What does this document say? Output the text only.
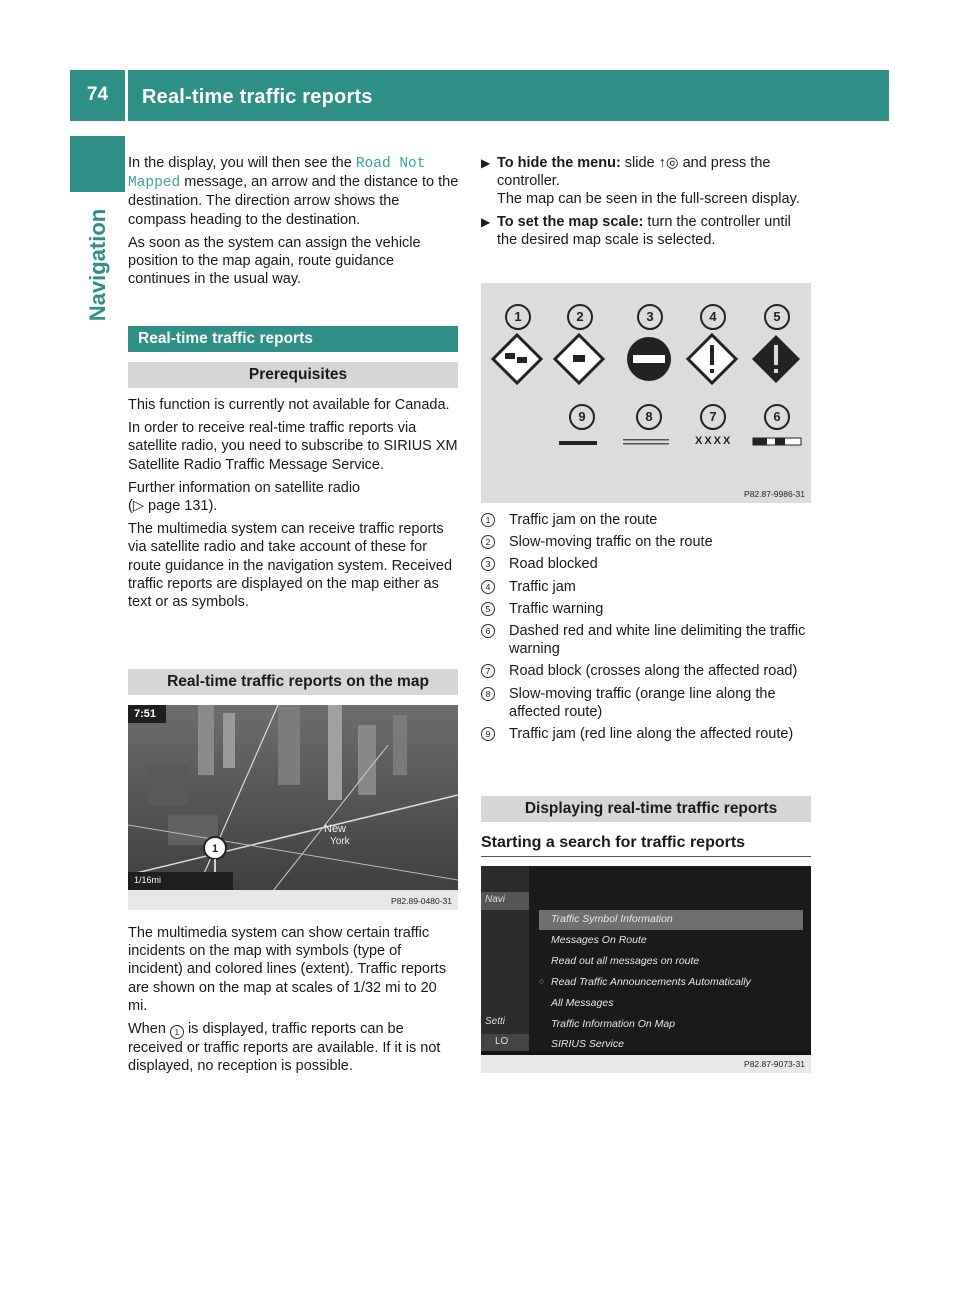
74	Real-time traffic reports
Navigation

In the display, you will then see the Road Not
Mapped message, an arrow and the distance to the destination. The direction arrow shows the compass heading to the destination.

As soon as the system can assign the vehicle position to the map again, route guidance continues in the usual way.

Real-time traffic reports
Prerequisites

This function is currently not available for Canada.

In order to receive real-time traffic reports via satellite radio, you need to subscribe to SIRIUS XM Satellite Radio Traffic Message Service.

Further information on satellite radio
(▷ page 131).

The multimedia system can receive traffic reports via satellite radio and take account of these for route guidance in the navigation system. Received traffic reports are displayed on the map either as text or as symbols.

Real-time traffic reports on the map
1
7:51
1/16mi
New
York
P82.89-0480-31

The multimedia system can show certain traffic incidents on the map with symbols (type of incident) and colored lines (extent). Traffic reports are shown on the map at scales of 1/32 mi to 20 mi.

When 1 is displayed, traffic reports can be received or traffic reports are available. If it is not displayed, no reception is possible.

▶ To hide the menu: slide ↑◎ and press the controller.
The map can be seen in the full-screen display.
▶ To set the map scale: turn the controller until the desired map scale is selected.
1	2	3	4	5
9	8	7	6
XXXX
P82.87-9986-31
1	Traffic jam on the route
2	Slow-moving traffic on the route
3	Road blocked
4	Traffic jam
5	Traffic warning
6	Dashed red and white line delimiting the traffic warning
7	Road block (crosses along the affected road)
8	Slow-moving traffic (orange line along the affected route)
9	Traffic jam (red line along the affected route)
Displaying real-time traffic reports
Starting a search for traffic reports
Navi
Setti
LO
Traffic Symbol Information
Messages On Route
Read out all messages on route
○ Read Traffic Announcements Automatically
All Messages
Traffic Information On Map
SIRIUS Service
P82.87-9073-31
